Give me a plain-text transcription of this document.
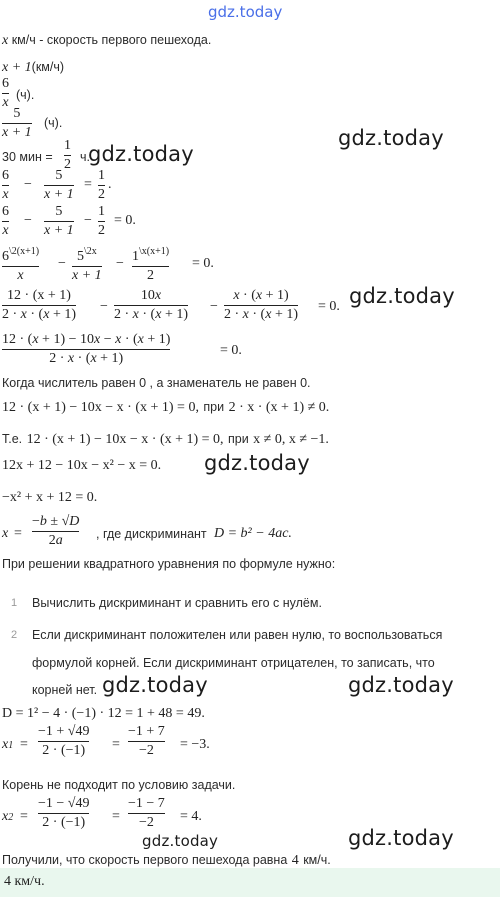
gdz.today
x км/ч - скорость первого пешехода.
x + 1(км/ч)
6
x (ч).
5
x + 1
(ч).
gdz.today
30 мин =
1
2 ч.
gdz.today
6
x
−
5
x + 1
=
1
2
.
6
x
−
5
x + 1
−
1
2
= 0.
$6^{\backslash 2(x+1)}$
x
− $5^{\backslash 2x}$
x + 1
− $1^{\backslash x(x+1)}$
2
= 0.
gdz.today
12 · (x + 1)
2 · x · (x + 1)
−
10x
2 · x · (x + 1)
−
x · (x + 1)
2 · x · (x + 1)
= 0.
12 · (x + 1) − 10x − x · (x + 1)
2 · x · (x + 1)
= 0.
Когда числитель равен 0 , а знаменатель не равен 0.
12 · (x + 1) − 10x − x · (x + 1) = 0, при 2 · x · (x + 1) ≠ 0.
Т.е. 12 · (x + 1) − 10x − x · (x + 1) = 0, при x ≠ 0, x ≠ −1.
12x + 12 − 10x − x² − x = 0. gdz.today
−x² + x + 12 = 0.
x =
−b ± √D
2a	, где дискриминант D = b² − 4ac.
При решении квадратного уравнения по формуле нужно:
1 Вычислить дискриминант и сравнить его с нулём.
2 Если дискриминант положителен или равен нулю, то воспользоваться
формулой корней. Если дискриминант отрицателен, то записать, что
корней нет. gdz.today	gdz.today
D = 1² − 4 · (−1) · 12 = 1 + 48 = 49.
x1 =
−1 + √49
2 · (−1) =
−1 + 7
−2 = −3.
Корень не подходит по условию задачи.
x2 =
−1 − √49
2 · (−1) =
−1 − 7
−2 = 4.
gdz.today	gdz.today
Получили, что скорость первого пешехода равна 4 км/ч.
4 км/ч.
